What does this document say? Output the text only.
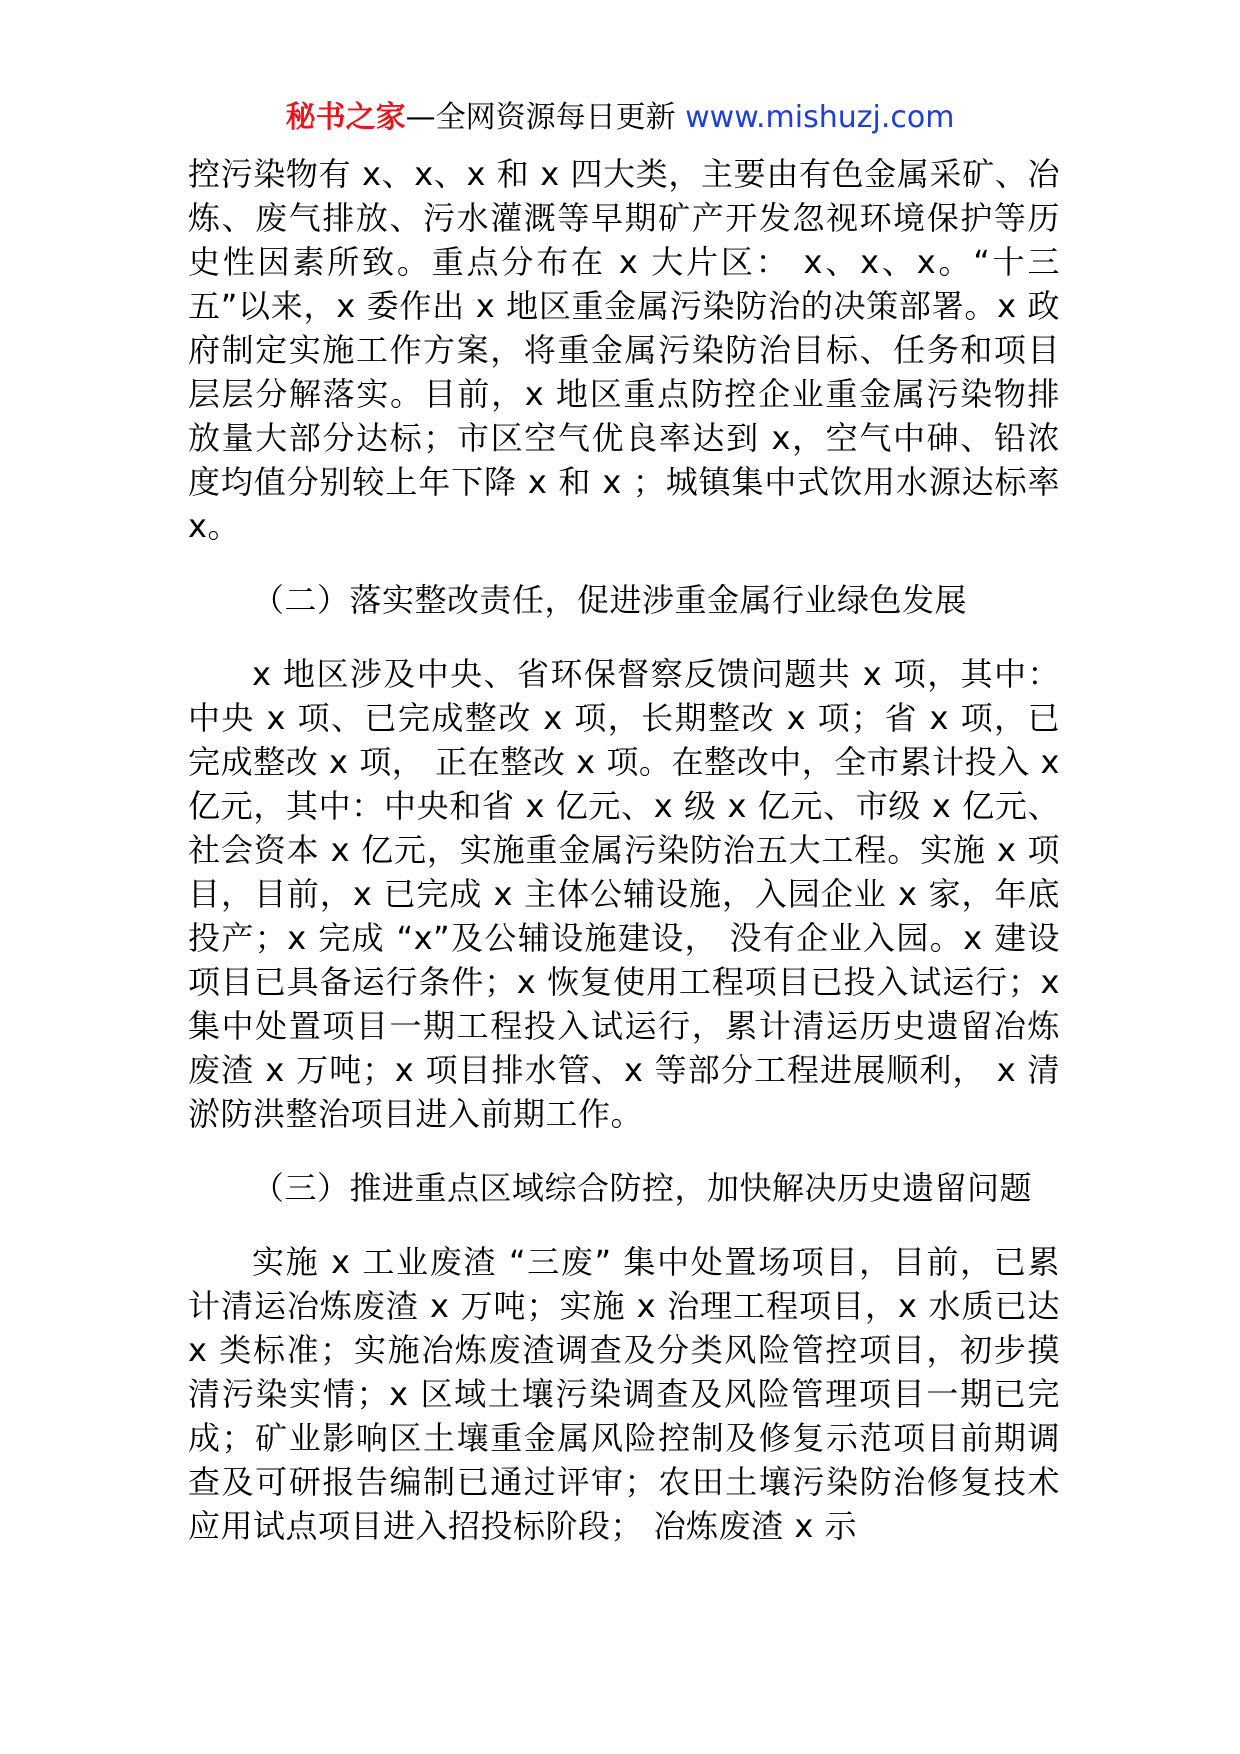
秘书之家—全网资源每日更新 www.mishuzj.com

控污染物有 x、x、x 和 x 四大类，主要由有色金属采矿、冶炼、废气排放、污水灌溉等早期矿产开发忽视环境保护等历史性因素所致。重点分布在 x 大片区： x、x、x。“十三五”以来，x 委作出 x 地区重金属污染防治的决策部署。x 政府制定实施工作方案，将重金属污染防治目标、任务和项目层层分解落实。目前，x 地区重点防控企业重金属污染物排放量大部分达标；市区空气优良率达到 x，空气中砷、铅浓度均值分别较上年下降 x 和 x ；城镇集中式饮用水源达标率 x。

（二）落实整改责任，促进涉重金属行业绿色发展

x 地区涉及中央、省环保督察反馈问题共 x 项，其中：中央 x 项、已完成整改 x 项，长期整改 x 项；省 x 项，已完成整改 x 项， 正在整改 x 项。在整改中，全市累计投入 x 亿元，其中：中央和省 x 亿元、x 级 x 亿元、市级 x 亿元、社会资本 x 亿元，实施重金属污染防治五大工程。实施 x 项目，目前，x 已完成 x 主体公辅设施，入园企业 x 家，年底投产；x 完成 “x”及公辅设施建设， 没有企业入园。x 建设项目已具备运行条件；x 恢复使用工程项目已投入试运行；x 集中处置项目一期工程投入试运行，累计清运历史遗留冶炼废渣 x 万吨；x 项目排水管、x 等部分工程进展顺利， x 清淤防洪整治项目进入前期工作。

（三）推进重点区域综合防控，加快解决历史遗留问题

实施 x 工业废渣 “三废” 集中处置场项目，目前，已累计清运冶炼废渣 x 万吨；实施 x 治理工程项目，x 水质已达 x 类标准；实施冶炼废渣调查及分类风险管控项目，初步摸清污染实情；x 区域土壤污染调查及风险管理项目一期已完成；矿业影响区土壤重金属风险控制及修复示范项目前期调查及可研报告编制已通过评审；农田土壤污染防治修复技术应用试点项目进入招投标阶段； 冶炼废渣 x 示
